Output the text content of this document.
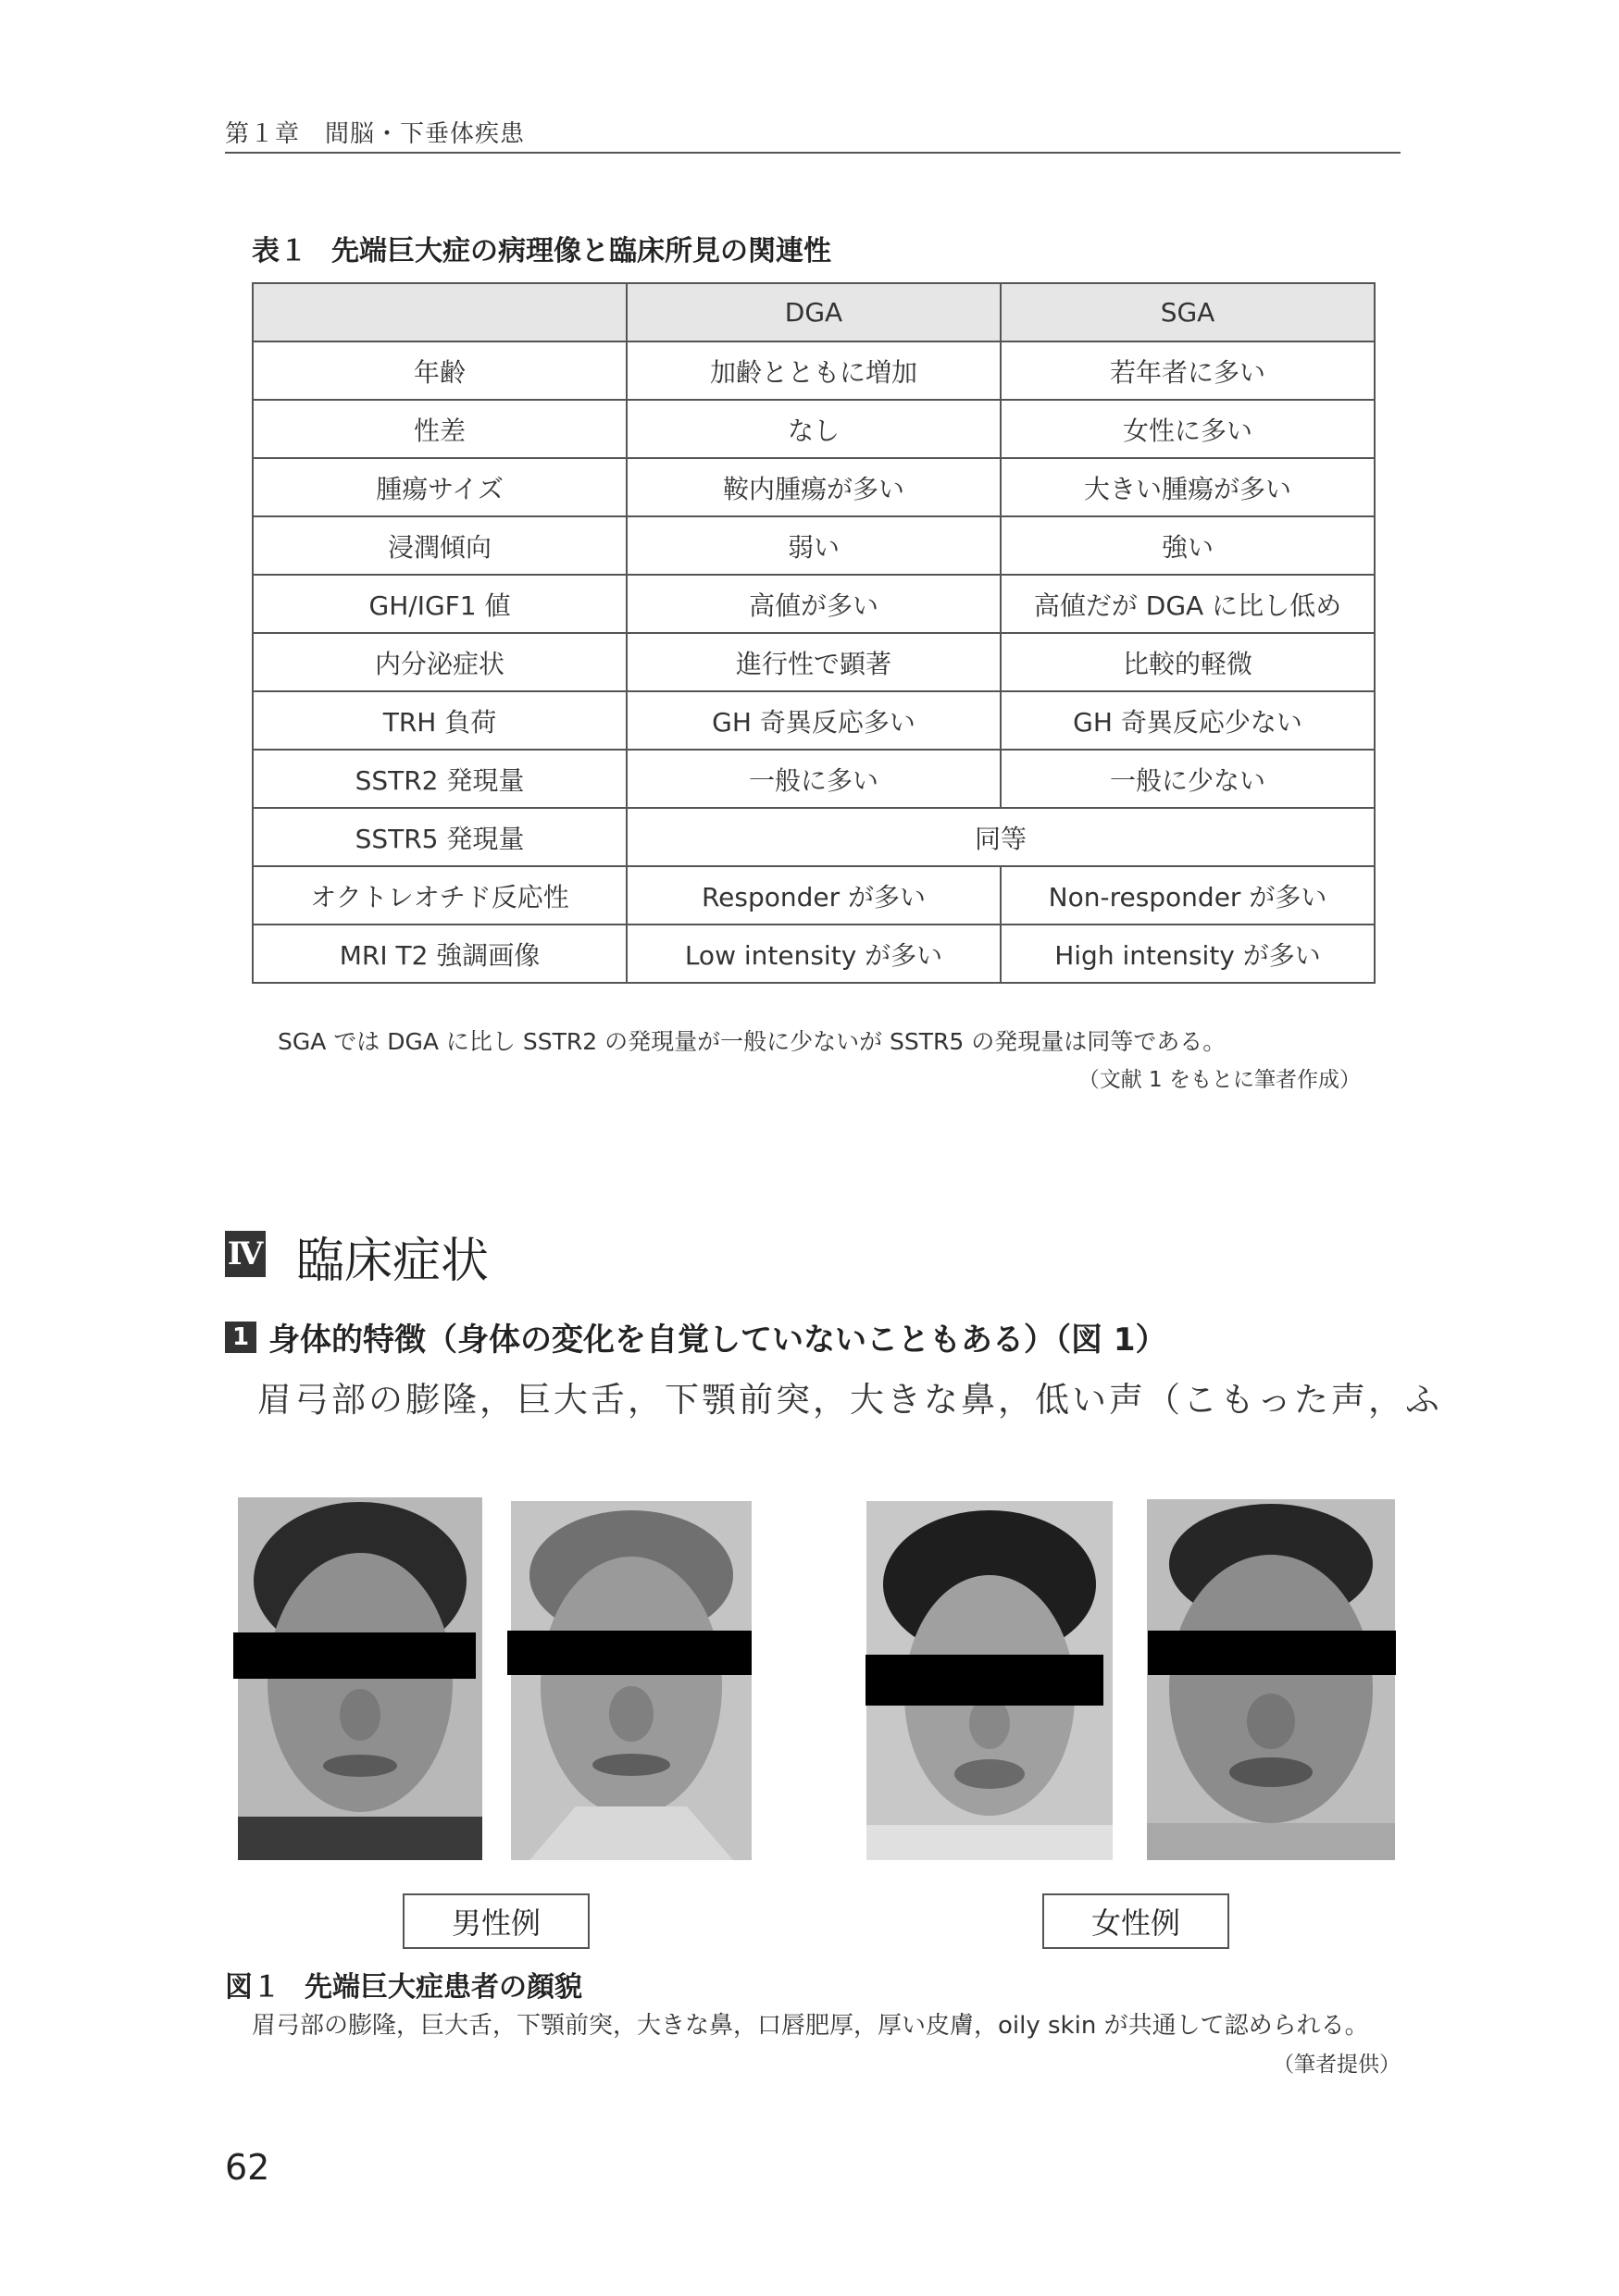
第１章　間脳・下垂体疾患
表１ 先端巨大症の病理像と臨床所見の関連性
	DGA	SGA
年齢	加齢とともに増加	若年者に多い
性差	なし	女性に多い
腫瘍サイズ	鞍内腫瘍が多い	大きい腫瘍が多い
浸潤傾向	弱い	強い
GH/IGF1 値	高値が多い	高値だが DGA に比し低め
内分泌症状	進行性で顕著	比較的軽微
TRH 負荷	GH 奇異反応多い	GH 奇異反応少ない
SSTR2 発現量	一般に多い	一般に少ない
SSTR5 発現量	同等	
オクトレオチド反応性	Responder が多い	Non-responder が多い
MRI T2 強調画像	Low intensity が多い	High intensity が多い
SGA では DGA に比し SSTR2 の発現量が一般に少ないが SSTR5 の発現量は同等である。
（文献 1 をもとに筆者作成）
Ⅳ 臨床症状
1 身体的特徴（身体の変化を自覚していないこともある）（図 1）
眉弓部の膨隆，巨大舌，下顎前突，大きな鼻，低い声（こもった声，ふ
男性例	女性例
図１ 先端巨大症患者の顔貌
眉弓部の膨隆，巨大舌，下顎前突，大きな鼻，口唇肥厚，厚い皮膚，oily skin が共通して認められる。
（筆者提供）
62
